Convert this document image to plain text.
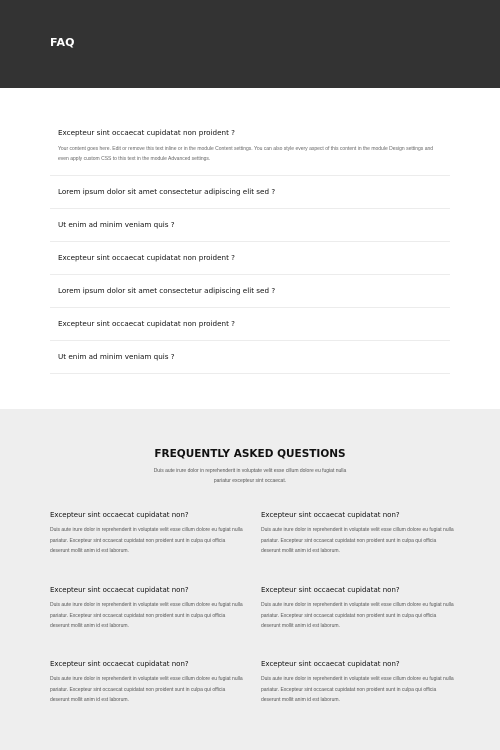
FAQ
Excepteur sint occaecat cupidatat non proident ?
Your content goes here. Edit or remove this text inline or in the module Content settings. You can also style every aspect of this content in the module Design settings and even apply custom CSS to this text in the module Advanced settings.
Lorem ipsum dolor sit amet consectetur adipiscing elit sed ?
Ut enim ad minim veniam quis ?
Excepteur sint occaecat cupidatat non proident ?
Lorem ipsum dolor sit amet consectetur adipiscing elit sed ?
Excepteur sint occaecat cupidatat non proident ?
Ut enim ad minim veniam quis ?
FREQUENTLY ASKED QUESTIONS

Duis aute irure dolor in reprehenderit in voluptate velit esse cillum dolore eu fugiat nulla pariatur excepteur sint occaecat.

Excepteur sint occaecat cupidatat non?
Duis aute irure dolor in reprehenderit in voluptate velit esse cillum dolore eu fugiat nulla pariatur. Excepteur sint occaecat cupidatat non proident sunt in culpa qui officia deserunt mollit anim id est laborum.
Excepteur sint occaecat cupidatat non?
Duis aute irure dolor in reprehenderit in voluptate velit esse cillum dolore eu fugiat nulla pariatur. Excepteur sint occaecat cupidatat non proident sunt in culpa qui officia deserunt mollit anim id est laborum.
Excepteur sint occaecat cupidatat non?
Duis aute irure dolor in reprehenderit in voluptate velit esse cillum dolore eu fugiat nulla pariatur. Excepteur sint occaecat cupidatat non proident sunt in culpa qui officia deserunt mollit anim id est laborum.
Excepteur sint occaecat cupidatat non?
Duis aute irure dolor in reprehenderit in voluptate velit esse cillum dolore eu fugiat nulla pariatur. Excepteur sint occaecat cupidatat non proident sunt in culpa qui officia deserunt mollit anim id est laborum.
Excepteur sint occaecat cupidatat non?
Duis aute irure dolor in reprehenderit in voluptate velit esse cillum dolore eu fugiat nulla pariatur. Excepteur sint occaecat cupidatat non proident sunt in culpa qui officia deserunt mollit anim id est laborum.
Excepteur sint occaecat cupidatat non?
Duis aute irure dolor in reprehenderit in voluptate velit esse cillum dolore eu fugiat nulla pariatur. Excepteur sint occaecat cupidatat non proident sunt in culpa qui officia deserunt mollit anim id est laborum.
